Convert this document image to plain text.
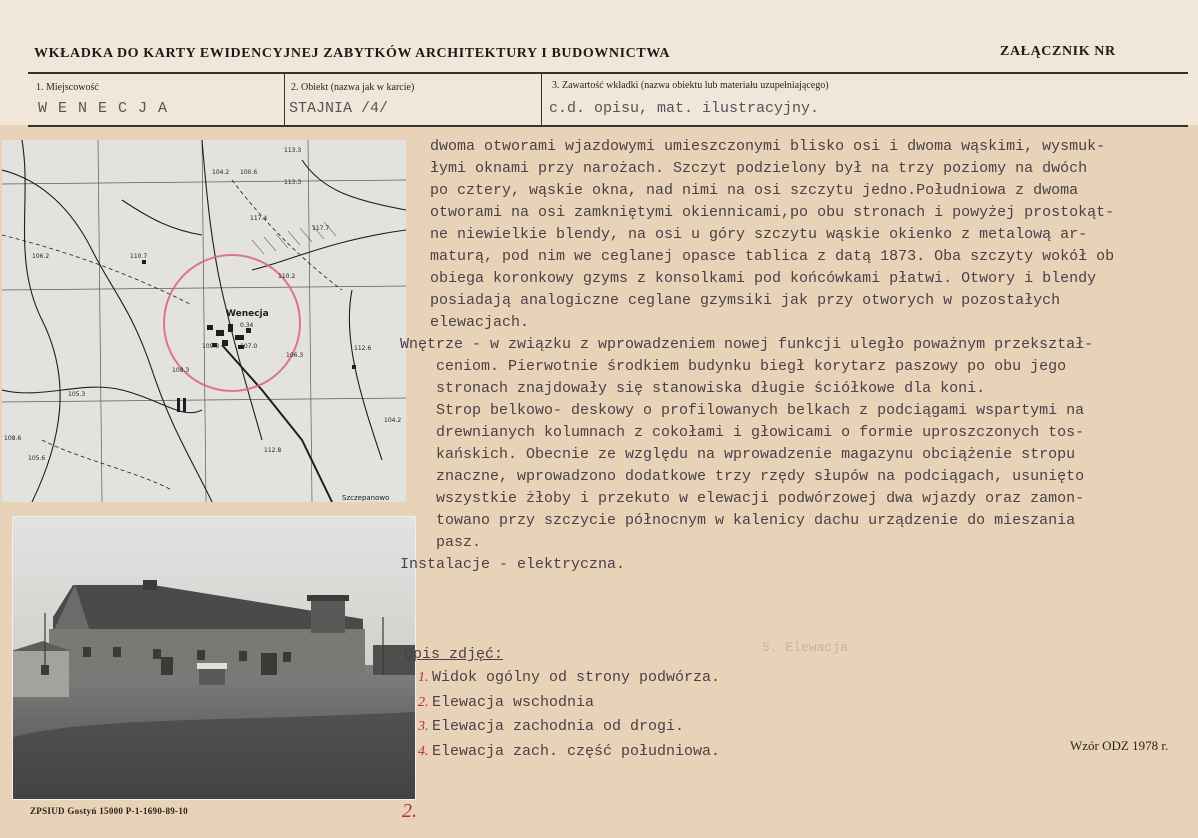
WKŁADKA DO KARTY EWIDENCYJNEJ ZABYTKÓW ARCHITEKTURY I BUDOWNICTWA	ZAŁĄCZNIK NR
1. Miejscowość
WENECJA
2. Obiekt (nazwa jak w karcie)
STAJNIA /4/
3. Zawartość wkładki (nazwa obiektu lub materiału uzupełniającego)
c.d. opisu, mat. ilustracyjny.
113.3
104.2 100.6
113.3
117.4
117.7
110.7
110.2
106.3
107.0
108.3
112.6
104.2
112.8
108.6
105.6
106.2
105.3
109.3
Wenecja
0.34
Szczepanowo
dwoma otworami wjazdowymi umieszczonymi blisko osi i dwoma wąskimi, wysmuk-
łymi oknami przy narożach. Szczyt podzielony był na trzy poziomy na dwóch
po cztery, wąskie okna, nad nimi na osi szczytu jedno.Południowa z dwoma
otworami na osi zamkniętymi okiennicami,po obu stronach i powyżej prostokąt-
ne niewielkie blendy, na osi u góry szczytu wąskie okienko z metalową ar-
maturą, pod nim we ceglanej opasce tablica z datą 1873. Oba szczyty wokół ob
obiega koronkowy gzyms z konsolkami pod końcówkami płatwi. Otwory i blendy
posiadają analogiczne ceglane gzymsiki jak przy otworych w pozostałych
elewacjach.
Wnętrze - w związku z wprowadzeniem nowej funkcji uległo poważnym przekształ-
ceniom. Pierwotnie środkiem budynku biegł korytarz paszowy po obu jego
stronach znajdowały się stanowiska długie ściółkowe dla koni.
Strop belkowo- deskowy o profilowanych belkach z podciągami wspartymi na
drewnianych kolumnach z cokołami i głowicami o formie uproszczonych tos-
kańskich. Obecnie ze względu na wprowadzenie magazynu obciążenie stropu
znaczne, wprowadzono dodatkowe trzy rzędy słupów na podciągach, usunięto
wszystkie żłoby i przekuto w elewacji podwórzowej dwa wjazdy oraz zamon-
towano przy szczycie północnym w kalenicy dachu urządzenie do mieszania
pasz.
Instalacje - elektryczna.
Opis zdjęć:
1. Widok ogólny od strony podwórza.
2. Elewacja wschodnia
3. Elewacja zachodnia od drogi.
4. Elewacja zach. część południowa.
5. Elewacja
Wzór ODZ 1978 r.
ZPSIUD Gostyń 15000 P-1-1690-89-10	2.
